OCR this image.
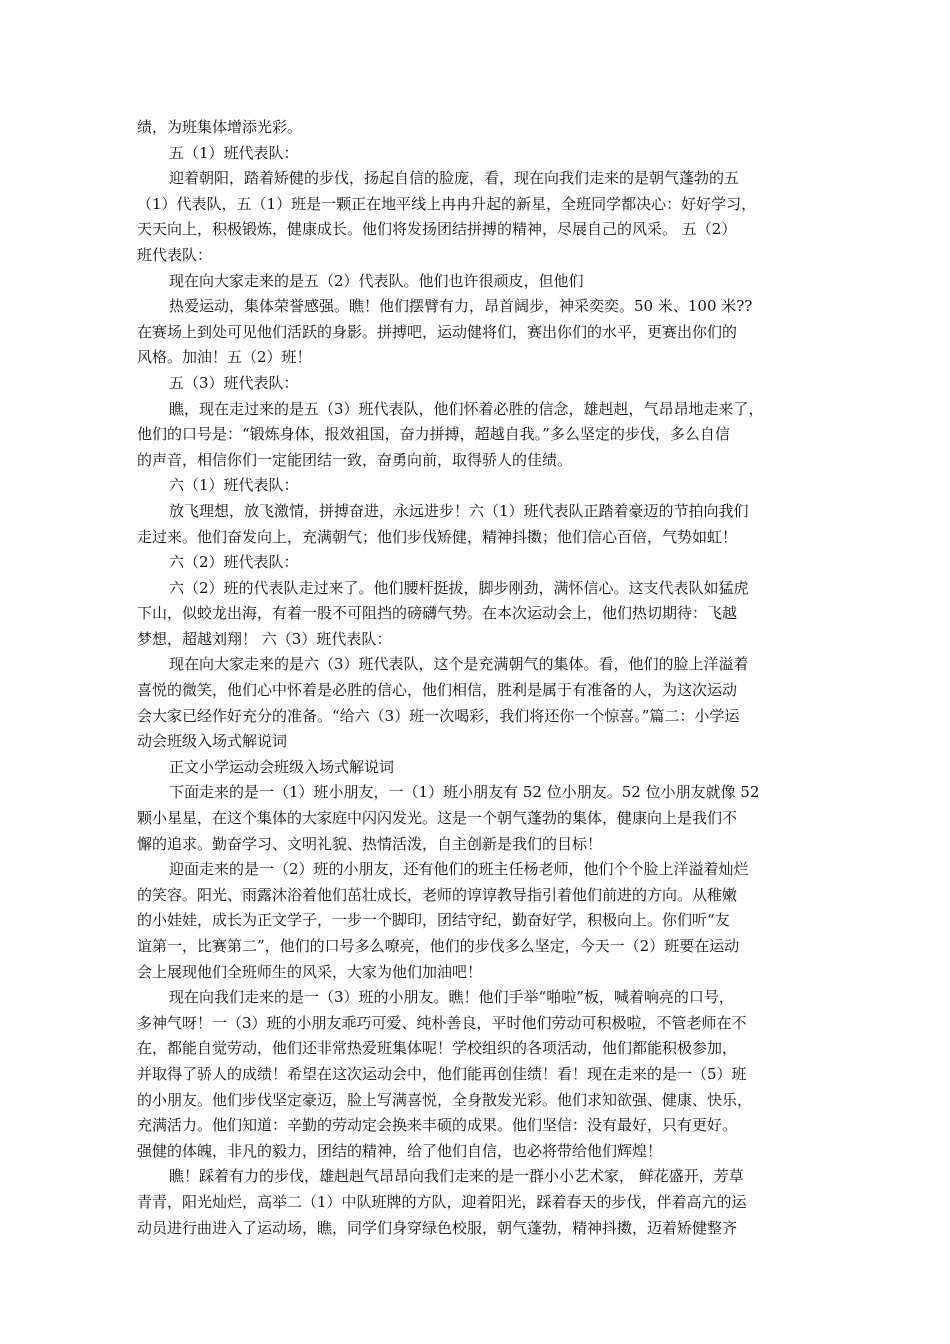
绩，为班集体增添光彩。

五（1）班代表队：

迎着朝阳，踏着矫健的步伐，扬起自信的脸庞，看，现在向我们走来的是朝气蓬勃的五

（1）代表队，五（1）班是一颗正在地平线上冉冉升起的新星，全班同学都决心：好好学习，

天天向上，积极锻炼，健康成长。他们将发扬团结拼搏的精神，尽展自己的风采。 五（2）

班代表队：

现在向大家走来的是五（2）代表队。他们也许很顽皮，但他们

热爱运动，集体荣誉感强。瞧！他们摆臂有力，昂首阔步，神采奕奕。50 米、100 米??

在赛场上到处可见他们活跃的身影。拼搏吧，运动健将们，赛出你们的水平，更赛出你们的

风格。加油！五（2）班！

五（3）班代表队：

瞧，现在走过来的是五（3）班代表队，他们怀着必胜的信念，雄赳赳，气昂昂地走来了，

他们的口号是：“锻炼身体，报效祖国，奋力拼搏，超越自我。”多么坚定的步伐，多么自信

的声音，相信你们一定能团结一致，奋勇向前，取得骄人的佳绩。

六（1）班代表队：

放飞理想，放飞激情，拼搏奋进，永远进步！六（1）班代表队正踏着豪迈的节拍向我们

走过来。他们奋发向上，充满朝气；他们步伐矫健，精神抖擞；他们信心百倍，气势如虹！

六（2）班代表队：

六（2）班的代表队走过来了。他们腰杆挺拔，脚步刚劲，满怀信心。这支代表队如猛虎

下山，似蛟龙出海，有着一股不可阻挡的磅礴气势。在本次运动会上，他们热切期待：飞越

梦想，超越刘翔！ 六（3）班代表队：

现在向大家走来的是六（3）班代表队，这个是充满朝气的集体。看，他们的脸上洋溢着

喜悦的微笑，他们心中怀着是必胜的信心，他们相信，胜利是属于有准备的人，为这次运动

会大家已经作好充分的准备。“给六（3）班一次喝彩，我们将还你一个惊喜。”篇二：小学运

动会班级入场式解说词

正文小学运动会班级入场式解说词

下面走来的是一（1）班小朋友，一（1）班小朋友有 52 位小朋友。52 位小朋友就像 52

颗小星星，在这个集体的大家庭中闪闪发光。这是一个朝气蓬勃的集体，健康向上是我们不

懈的追求。勤奋学习、文明礼貌、热情活泼，自主创新是我们的目标！

迎面走来的是一（2）班的小朋友，还有他们的班主任杨老师，他们个个脸上洋溢着灿烂

的笑容。阳光、雨露沐浴着他们茁壮成长，老师的谆谆教导指引着他们前进的方向。从稚嫩

的小娃娃，成长为正文学子，一步一个脚印，团结守纪，勤奋好学，积极向上。你们听“友

谊第一，比赛第二”，他们的口号多么嘹亮，他们的步伐多么坚定，今天一（2）班要在运动

会上展现他们全班师生的风采，大家为他们加油吧！

现在向我们走来的是一（3）班的小朋友。瞧！他们手举“啪啦”板，喊着响亮的口号，

多神气呀！一（3）班的小朋友乖巧可爱、纯朴善良，平时他们劳动可积极啦，不管老师在不

在，都能自觉劳动，他们还非常热爱班集体呢！学校组织的各项活动，他们都能积极参加，

并取得了骄人的成绩！希望在这次运动会中，他们能再创佳绩！看！现在走来的是一（5）班

的小朋友。他们步伐坚定豪迈，脸上写满喜悦，全身散发光彩。他们求知欲强、健康、快乐，

充满活力。他们知道：辛勤的劳动定会换来丰硕的成果。他们坚信：没有最好，只有更好。

强健的体魄，非凡的毅力，团结的精神，给了他们自信，也必将带给他们辉煌！

瞧！踩着有力的步伐，雄赳赳气昂昂向我们走来的是一群小小艺术家， 鲜花盛开，芳草

青青，阳光灿烂，高举二（1）中队班牌的方队，迎着阳光，踩着春天的步伐，伴着高亢的运

动员进行曲进入了运动场，瞧，同学们身穿绿色校服，朝气蓬勃，精神抖擞，迈着矫健整齐
